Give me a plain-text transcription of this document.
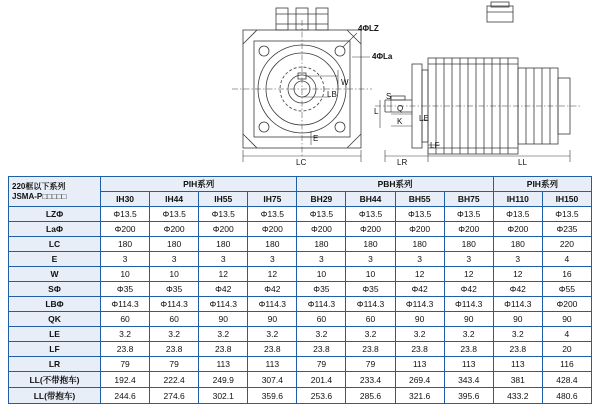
4ΦLZ
4ΦLa
W
E
LB
LC
S
Q
K
L
LE
LF
LR	LL
220框以下系列
JSMA-P□□□□□	PIH系列				PBH系列				PIH系列	
	IH30	IH44	IH55	IH75	BH29	BH44	BH55	BH75	IH110	IH150
LZΦ	Φ13.5	Φ13.5	Φ13.5	Φ13.5	Φ13.5	Φ13.5	Φ13.5	Φ13.5	Φ13.5	Φ13.5
LaΦ	Φ200	Φ200	Φ200	Φ200	Φ200	Φ200	Φ200	Φ200	Φ200	Φ235
LC	180	180	180	180	180	180	180	180	180	220
E	3	3	3	3	3	3	3	3	3	4
W	10	10	12	12	10	10	12	12	12	16
SΦ	Φ35	Φ35	Φ42	Φ42	Φ35	Φ35	Φ42	Φ42	Φ42	Φ55
LBΦ	Φ114.3	Φ114.3	Φ114.3	Φ114.3	Φ114.3	Φ114.3	Φ114.3	Φ114.3	Φ114.3	Φ200
QK	60	60	90	90	60	60	90	90	90	90
LE	3.2	3.2	3.2	3.2	3.2	3.2	3.2	3.2	3.2	4
LF	23.8	23.8	23.8	23.8	23.8	23.8	23.8	23.8	23.8	20
LR	79	79	113	113	79	79	113	113	113	116
LL(不带抱车)	192.4	222.4	249.9	307.4	201.4	233.4	269.4	343.4	381	428.4
LL(带抱车)	244.6	274.6	302.1	359.6	253.6	285.6	321.6	395.6	433.2	480.6
